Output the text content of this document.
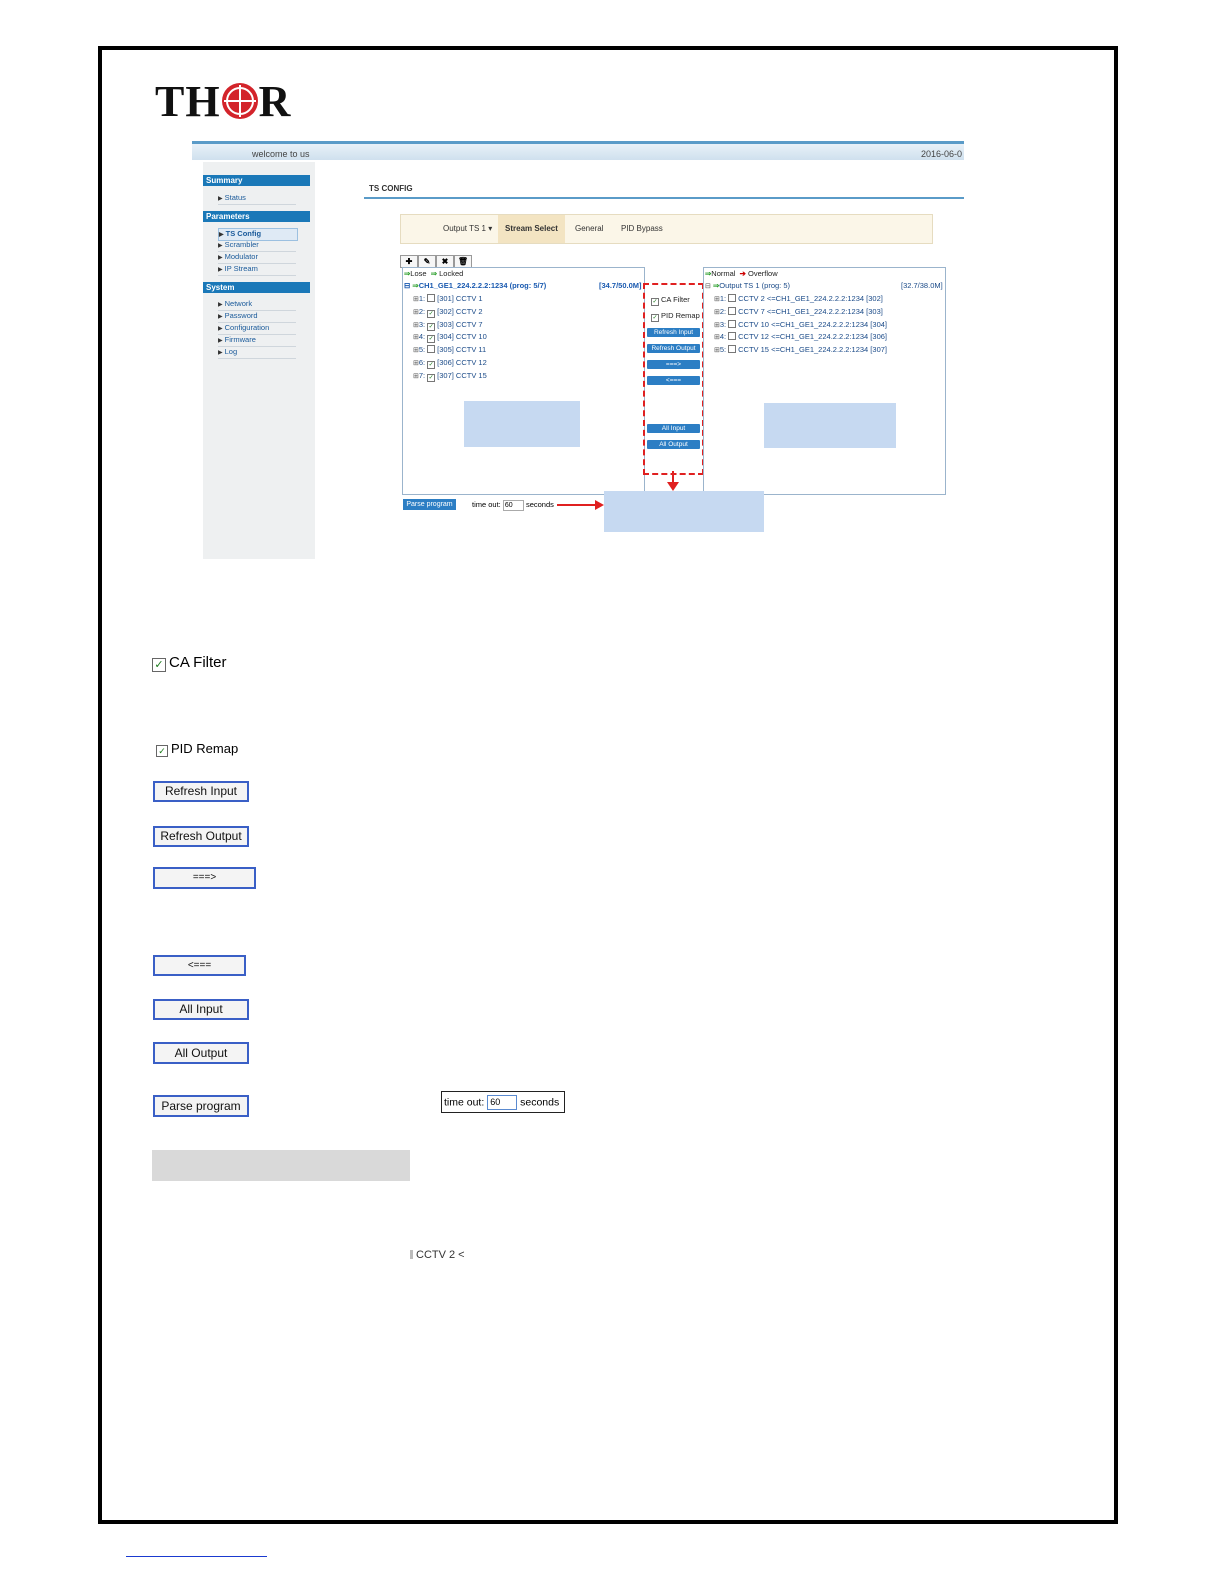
TH R
welcome to us	2016-06-0
Summary
▶ Status
Parameters
▶ TS Config
▶ Scrambler
▶ Modulator
▶ IP Stream
System
▶ Network
▶ Password
▶ Configuration
▶ Firmware
▶ Log
TS CONFIG
Output TS 1 ▾	Stream Select	General	PID Bypass
✚	✎	✖	🗑
⇒Lose ⇒ Locked
⊟ ⇒CH1_GE1_224.2.2.2:1234 (prog: 5/7)	[34.7/50.0M]
⊞1: [301] CCTV 1
⊞2: ✓ [302] CCTV 2
⊞3: ✓ [303] CCTV 7
⊞4: ✓ [304] CCTV 10
⊞5: [305] CCTV 11
⊞6: ✓ [306] CCTV 12
⊞7: ✓ [307] CCTV 15
✓ CA Filter
✓ PID Remap
Refresh Input
Refresh Output
===>
<===
All Input
All Output
⇒Normal ➔ Overflow
⊟ ⇒Output TS 1 (prog: 5)	[32.7/38.0M]
⊞1: CCTV 2 <=CH1_GE1_224.2.2.2:1234 [302]
⊞2: CCTV 7 <=CH1_GE1_224.2.2.2:1234 [303]
⊞3: CCTV 10 <=CH1_GE1_224.2.2.2:1234 [304]
⊞4: CCTV 12 <=CH1_GE1_224.2.2.2:1234 [306]
⊞5: CCTV 15 <=CH1_GE1_224.2.2.2:1234 [307]
Parse program	time out: 60 seconds
✓ CA Filter
✓ PID Remap
Refresh Input
Refresh Output
===>
<===
All Input
All Output
Parse program	time out: 60 seconds
CCTV 2 <
